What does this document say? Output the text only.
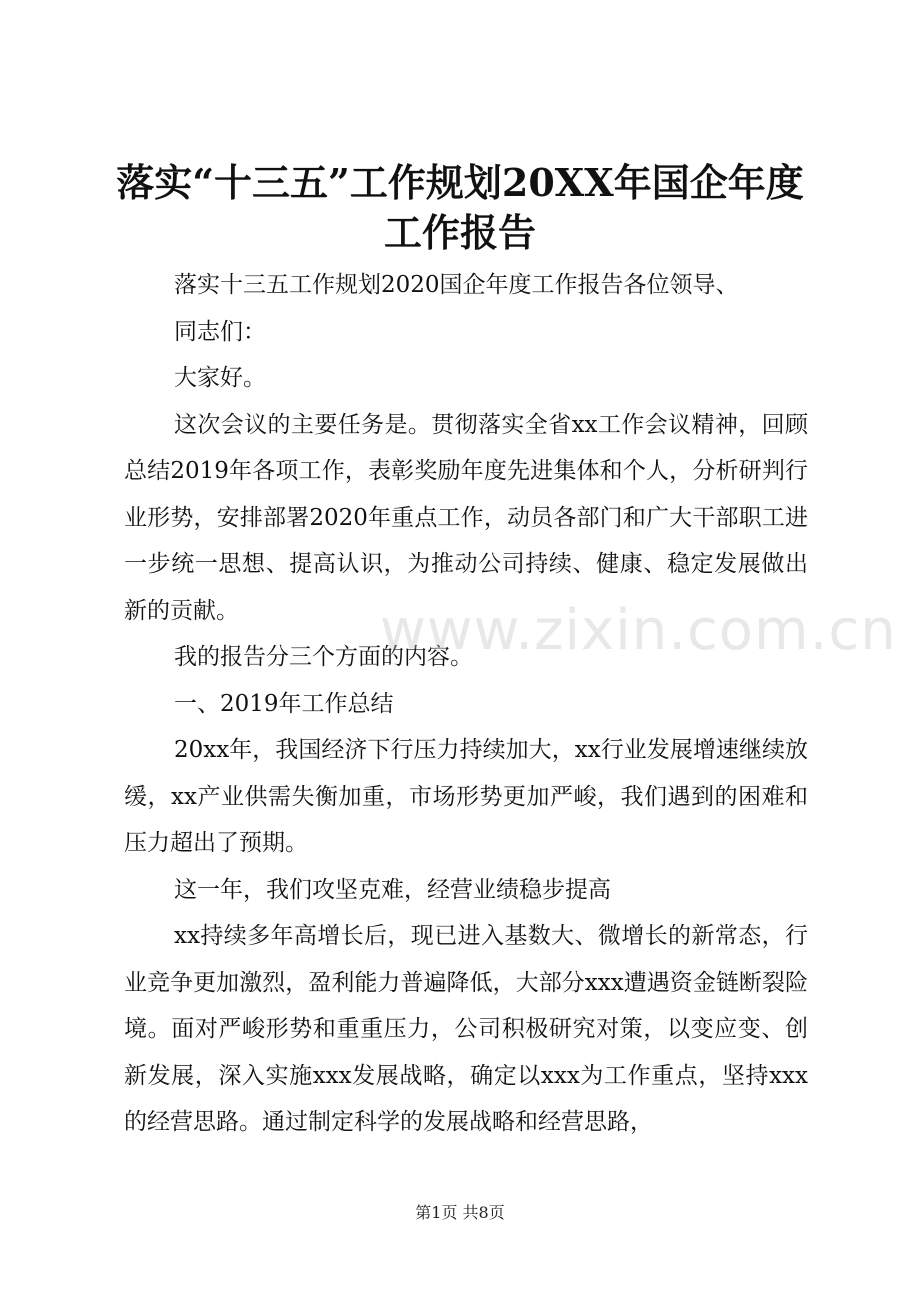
落实“十三五”工作规划20XX年国企年度工作报告

落实十三五工作规划2020国企年度工作报告各位领导、

同志们：

大家好。

这次会议的主要任务是。贯彻落实全省xx工作会议精神，回顾总结2019年各项工作，表彰奖励年度先进集体和个人，分析研判行业形势，安排部署2020年重点工作，动员各部门和广大干部职工进一步统一思想、提高认识，为推动公司持续、健康、稳定发展做出新的贡献。

我的报告分三个方面的内容。

一、2019年工作总结

20xx年，我国经济下行压力持续加大，xx行业发展增速继续放缓，xx产业供需失衡加重，市场形势更加严峻，我们遇到的困难和压力超出了预期。

这一年，我们攻坚克难，经营业绩稳步提高

xx持续多年高增长后，现已进入基数大、微增长的新常态，行业竞争更加激烈，盈利能力普遍降低，大部分xxx遭遇资金链断裂险境。面对严峻形势和重重压力，公司积极研究对策，以变应变、创新发展，深入实施xxx发展战略，确定以xxx为工作重点，坚持xxx的经营思路。通过制定科学的发展战略和经营思路，

www.zixin.com.cn
第1页 共8页
